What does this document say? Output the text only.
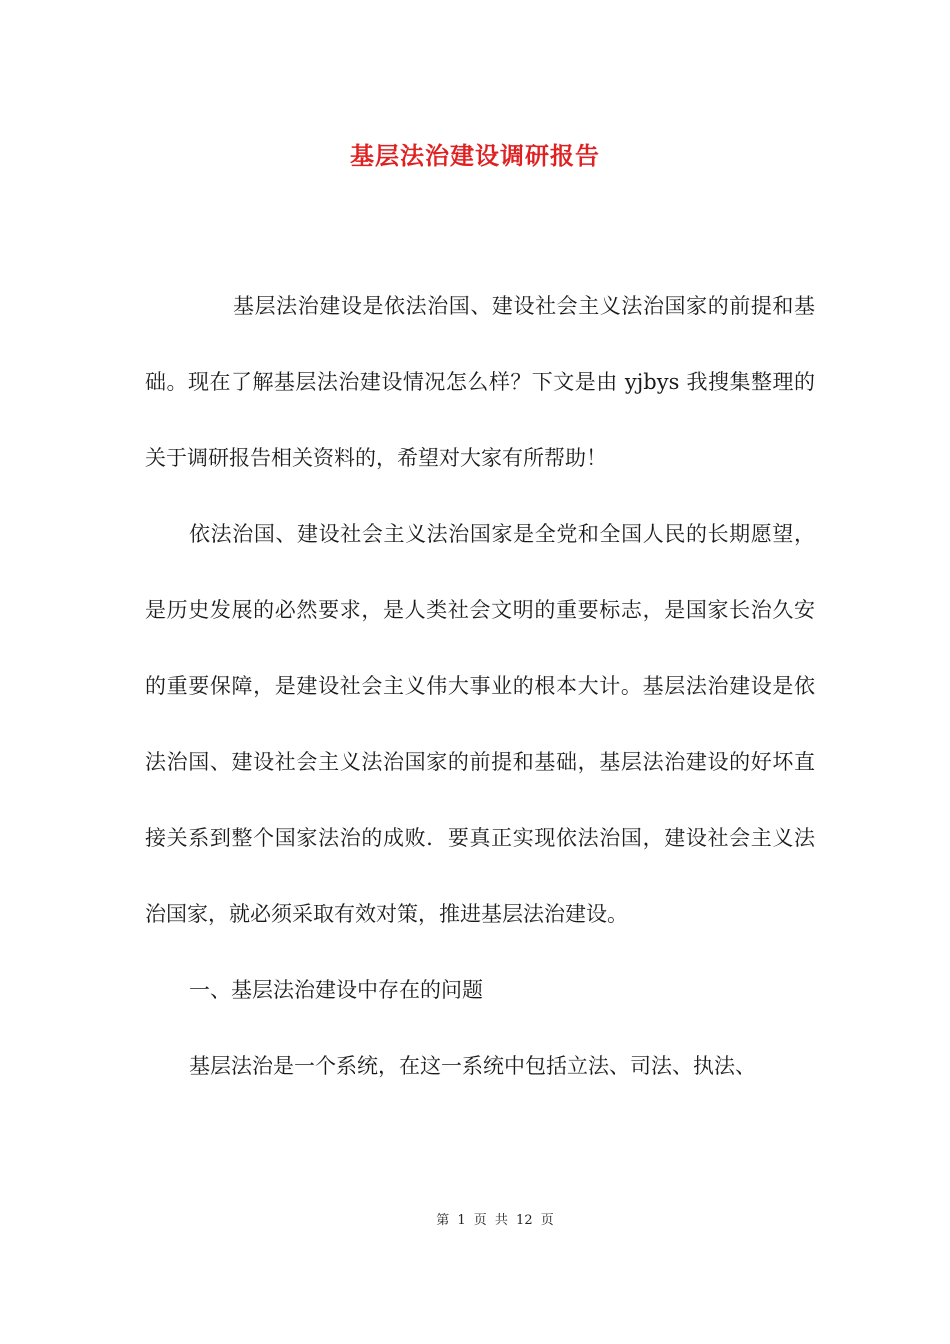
基层法治建设调研报告

基层法治建设是依法治国、建设社会主义法治国家的前提和基础。现在了解基层法治建设情况怎么样？下文是由 yjbys 我搜集整理的关于调研报告相关资料的，希望对大家有所帮助！

依法治国、建设社会主义法治国家是全党和全国人民的长期愿望，是历史发展的必然要求，是人类社会文明的重要标志，是国家长治久安的重要保障，是建设社会主义伟大事业的根本大计。基层法治建设是依法治国、建设社会主义法治国家的前提和基础，基层法治建设的好坏直接关系到整个国家法治的成败．要真正实现依法治国，建设社会主义法治国家，就必须采取有效对策，推进基层法治建设。

一、基层法治建设中存在的问题

基层法治是一个系统，在这一系统中包括立法、司法、执法、

第 1 页 共 12 页
